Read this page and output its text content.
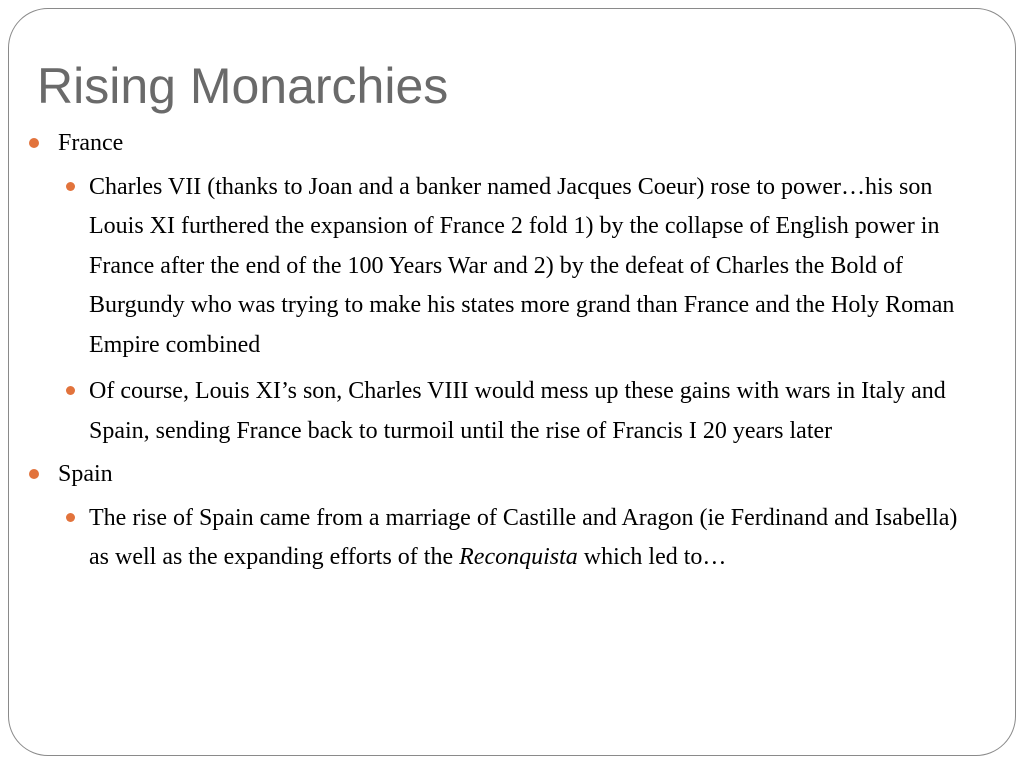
Rising Monarchies
France
Charles VII (thanks to Joan and a banker named Jacques Coeur) rose to power…his son Louis XI furthered the expansion of France 2 fold 1) by the collapse of English power in France after the end of the 100 Years War and 2) by the defeat of Charles the Bold of Burgundy who was trying to make his states more grand than France and the Holy Roman Empire combined
Of course, Louis XI’s son, Charles VIII would mess up these gains with wars in Italy and Spain, sending France back to turmoil until the rise of Francis I 20 years later
Spain
The rise of Spain came from a marriage of Castille and Aragon (ie Ferdinand and Isabella) as well as the expanding efforts of the Reconquista which led to…
